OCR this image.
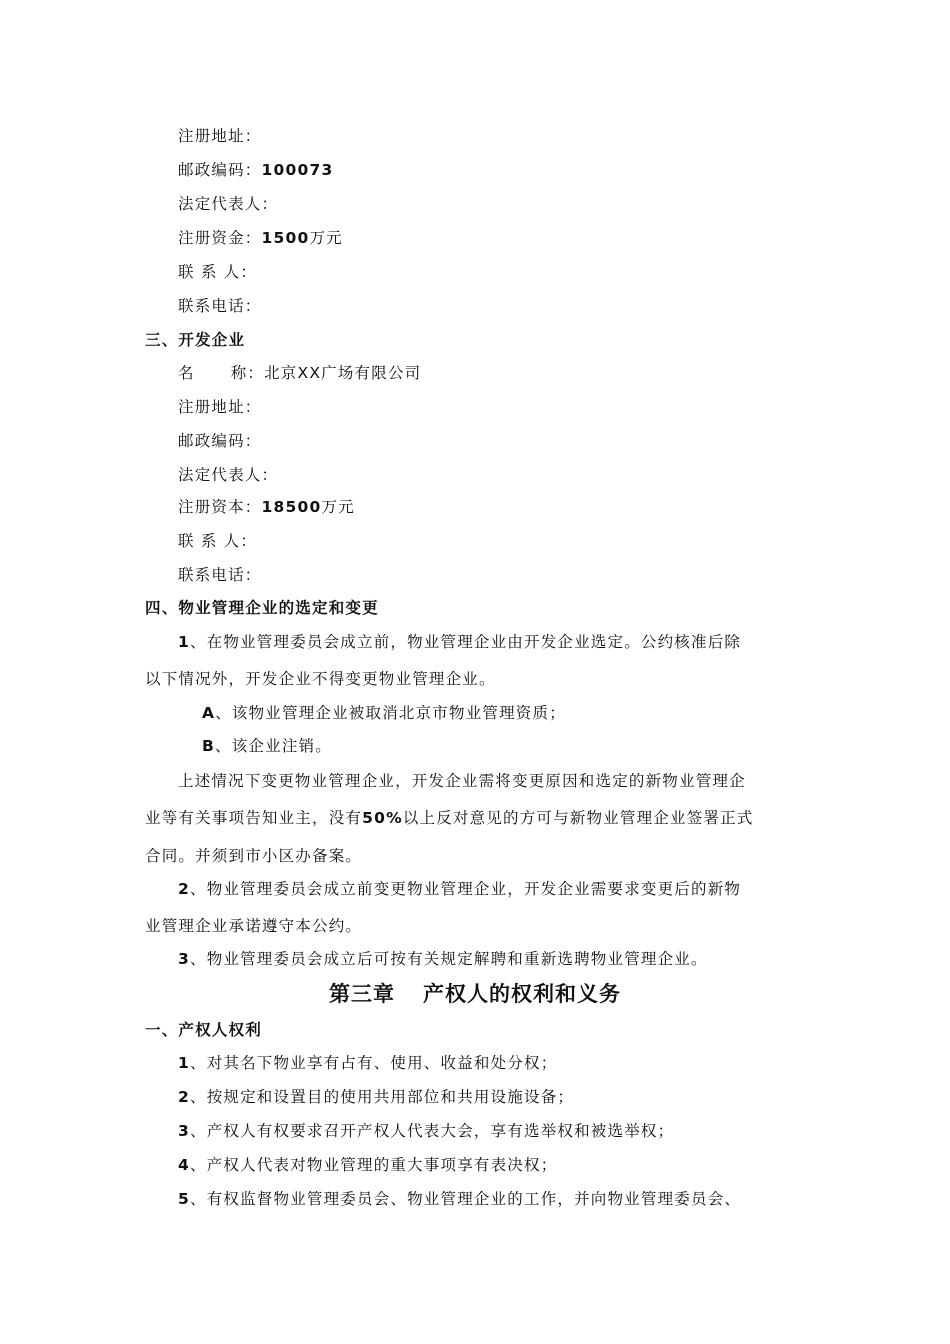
注册地址：
邮政编码：100073
法定代表人：
注册资金：1500万元
联 系 人：
联系电话：
三、开发企业
名 称：北京XX广场有限公司
注册地址：
邮政编码：
法定代表人：
注册资本：18500万元
联 系 人：
联系电话：
四、物业管理企业的选定和变更
1、在物业管理委员会成立前，物业管理企业由开发企业选定。公约核准后除
以下情况外，开发企业不得变更物业管理企业。
A、该物业管理企业被取消北京市物业管理资质；
B、该企业注销。
上述情况下变更物业管理企业，开发企业需将变更原因和选定的新物业管理企
业等有关事项告知业主，没有50%以上反对意见的方可与新物业管理企业签署正式
合同。并须到市小区办备案。
2、物业管理委员会成立前变更物业管理企业，开发企业需要求变更后的新物
业管理企业承诺遵守本公约。
3、物业管理委员会成立后可按有关规定解聘和重新选聘物业管理企业。
第三章 产权人的权利和义务
一、产权人权利
1、对其名下物业享有占有、使用、收益和处分权；
2、按规定和设置目的使用共用部位和共用设施设备；
3、产权人有权要求召开产权人代表大会，享有选举权和被选举权；
4、产权人代表对物业管理的重大事项享有表决权；
5、有权监督物业管理委员会、物业管理企业的工作，并向物业管理委员会、
